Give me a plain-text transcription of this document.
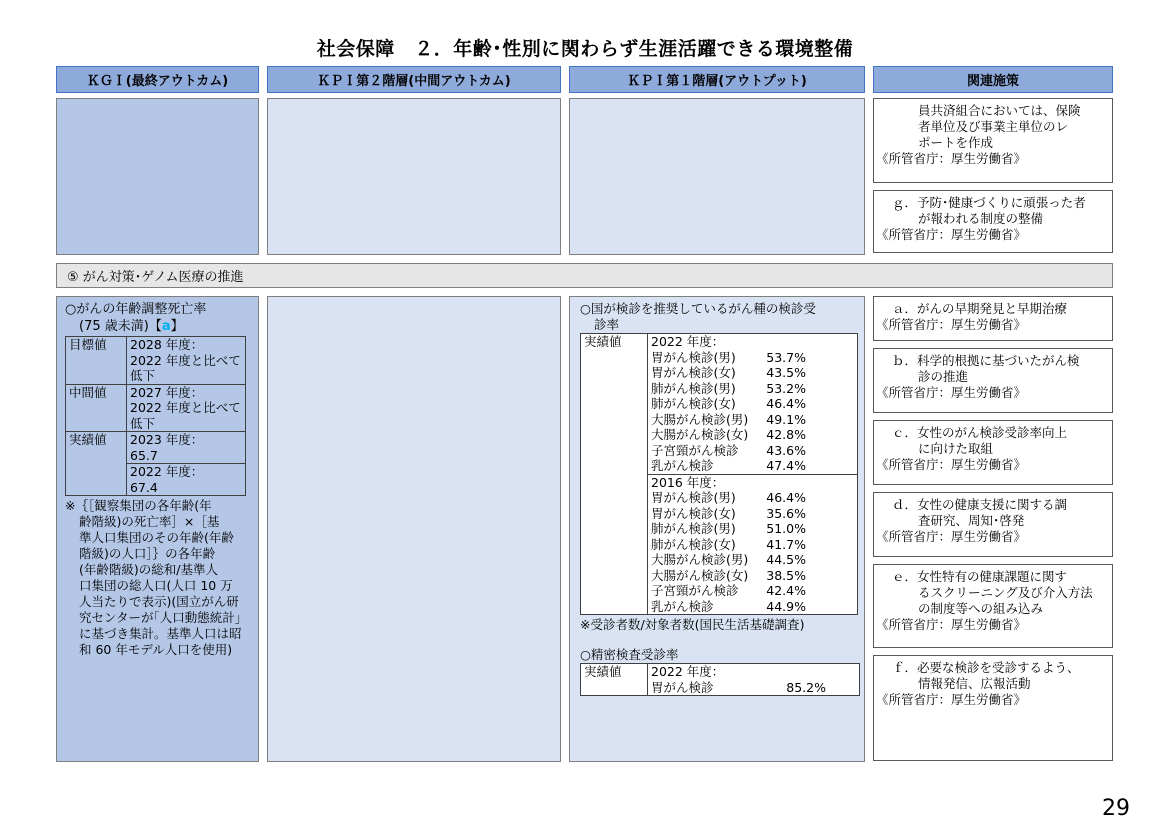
社会保障　２．年齢･性別に関わらず生涯活躍できる環境整備
ＫＧＩ(最終アウトカム)	ＫＰＩ第２階層(中間アウトカム)	ＫＰＩ第１階層(アウトプット)	関連施策
員共済組合においては、保険
者単位及び事業主単位のレ
ポートを作成
《所管省庁：厚生労働省》
ｇ．予防･健康づくりに頑張った者
が報われる制度の整備
《所管省庁：厚生労働省》
⑤ がん対策･ゲノム医療の推進
○がんの年齢調整死亡率
(75 歳未満)【a】
目標値	2028 年度：
2022 年度と比べて
低下

中間値	2027 年度：
2022 年度と比べて
低下

実績値	2023 年度：
65.7

	2022 年度：
67.4
※｛［観察集団の各年齢(年
齢階級)の死亡率］×［基
準人口集団のその年齢(年齢
階級)の人口］｝の各年齢
(年齢階級)の総和/基準人
口集団の総人口(人口 10 万
人当たりで表示)(国立がん研
究センターが｢人口動態統計｣
に基づき集計。基準人口は昭
和 60 年モデル人口を使用)
○国が検診を推奨しているがん種の検診受
診率
実績値	2022 年度：
胃がん検診(男) 53.7%
胃がん検診(女) 43.5%
肺がん検診(男) 53.2%
肺がん検診(女) 46.4%
大腸がん検診(男) 49.1%
大腸がん検診(女) 42.8%
子宮頸がん検診 43.6%
乳がん検診	47.4%

2016 年度：
胃がん検診(男) 46.4%
胃がん検診(女) 35.6%
肺がん検診(男) 51.0%
肺がん検診(女) 41.7%
大腸がん検診(男) 44.5%
大腸がん検診(女) 38.5%
子宮頸がん検診 42.4%
乳がん検診	44.9%
※受診者数/対象者数(国民生活基礎調査)
○精密検査受診率
実績値	2022 年度：
胃がん検診	85.2%
ａ．がんの早期発見と早期治療
《所管省庁：厚生労働省》
ｂ．科学的根拠に基づいたがん検
診の推進
《所管省庁：厚生労働省》
ｃ．女性のがん検診受診率向上
に向けた取組
《所管省庁：厚生労働省》
ｄ．女性の健康支援に関する調
査研究、周知･啓発
《所管省庁：厚生労働省》
ｅ．女性特有の健康課題に関す
るスクリーニング及び介入方法
の制度等への組み込み
《所管省庁：厚生労働省》
ｆ．必要な検診を受診するよう、
情報発信、広報活動
《所管省庁：厚生労働省》
29
